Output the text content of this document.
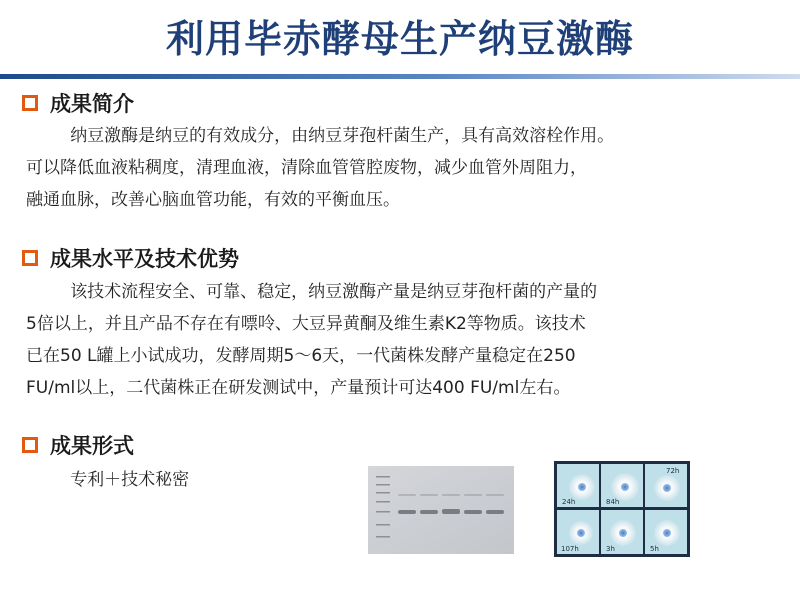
利用毕赤酵母生产纳豆激酶
成果简介
纳豆激酶是纳豆的有效成分，由纳豆芽孢杆菌生产，具有高效溶栓作用。
可以降低血液粘稠度，清理血液，清除血管管腔废物，减少血管外周阻力，
融通血脉，改善心脑血管功能，有效的平衡血压。
成果水平及技术优势
该技术流程安全、可靠、稳定，纳豆激酶产量是纳豆芽孢杆菌的产量的
5倍以上，并且产品不存在有嘌呤、大豆异黄酮及维生素K2等物质。该技术
已在50 L罐上小试成功，发酵周期5～6天，一代菌株发酵产量稳定在250
FU/ml以上，二代菌株正在研发测试中，产量预计可达400 FU/ml左右。
成果形式
专利＋技术秘密
24h	84h
72h
107h	3h	5h
